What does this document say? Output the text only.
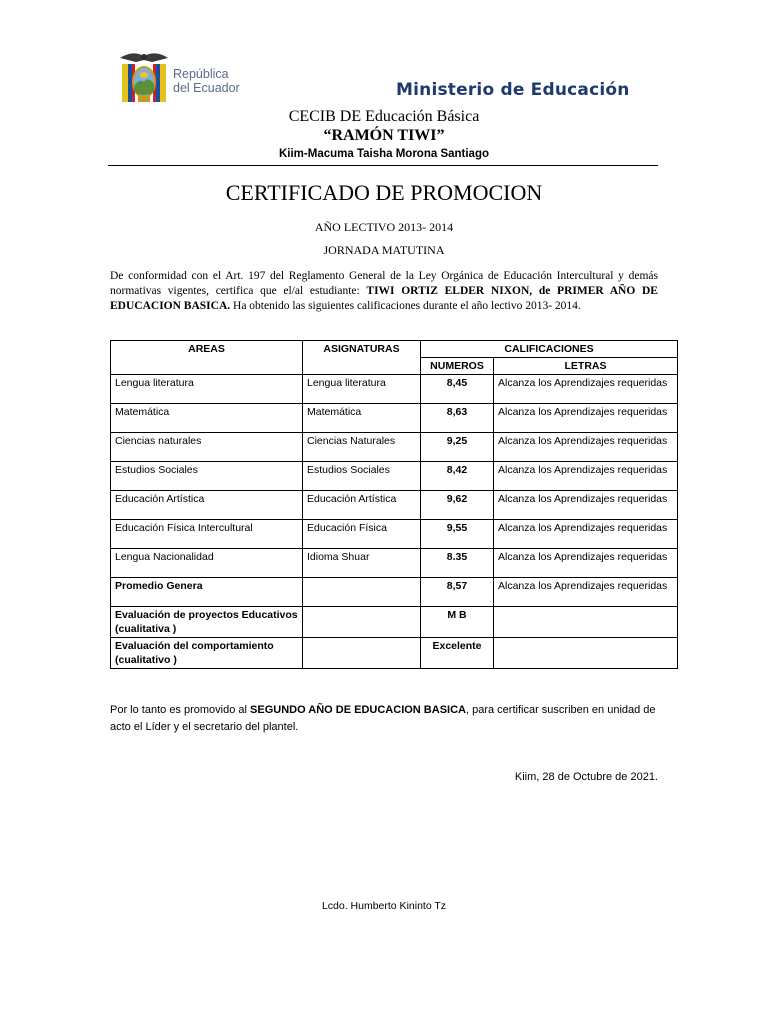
República
del Ecuador	Ministerio de Educación
CECIB DE Educación Básica
“RAMÓN TIWI”
Kiim-Macuma Taisha Morona Santiago
CERTIFICADO DE PROMOCION
AÑO LECTIVO 2013- 2014
JORNADA MATUTINA
De conformidad con el Art. 197 del Reglamento General de la Ley Orgánica de Educación Intercultural y demás normativas vigentes, certifica que el/al estudiante: TIWI ORTIZ ELDER NIXON, de PRIMER AÑO DE EDUCACION BASICA. Ha obtenido las siguientes calificaciones durante el año lectivo 2013- 2014.
AREAS	ASIGNATURAS	CALIFICACIONES	
		NUMEROS	LETRAS
Lengua literatura	Lengua literatura	8,45	Alcanza los Aprendizajes requeridas
Matemática	Matemática	8,63	Alcanza los Aprendizajes requeridas
Ciencias naturales	Ciencias Naturales	9,25	Alcanza los Aprendizajes requeridas
Estudios Sociales	Estudios Sociales	8,42	Alcanza los Aprendizajes requeridas
Educación Artística	Educación Artística	9,62	Alcanza los Aprendizajes requeridas
Educación Física Intercultural	Educación Física	9,55	Alcanza los Aprendizajes requeridas
Lengua Nacionalidad	Idioma Shuar	8.35	Alcanza los Aprendizajes requeridas
Promedio Genera		8,57	Alcanza los Aprendizajes requeridas
Evaluación de proyectos Educativos (cualitativa )		M B	
Evaluación del comportamiento (cualitativo )		Excelente	
Por lo tanto es promovido al SEGUNDO AÑO DE EDUCACION BASICA, para certificar suscriben en unidad de acto el Líder y el secretario del plantel.
Kiim, 28 de Octubre de 2021.
Lcdo. Humberto Kininto Tz
